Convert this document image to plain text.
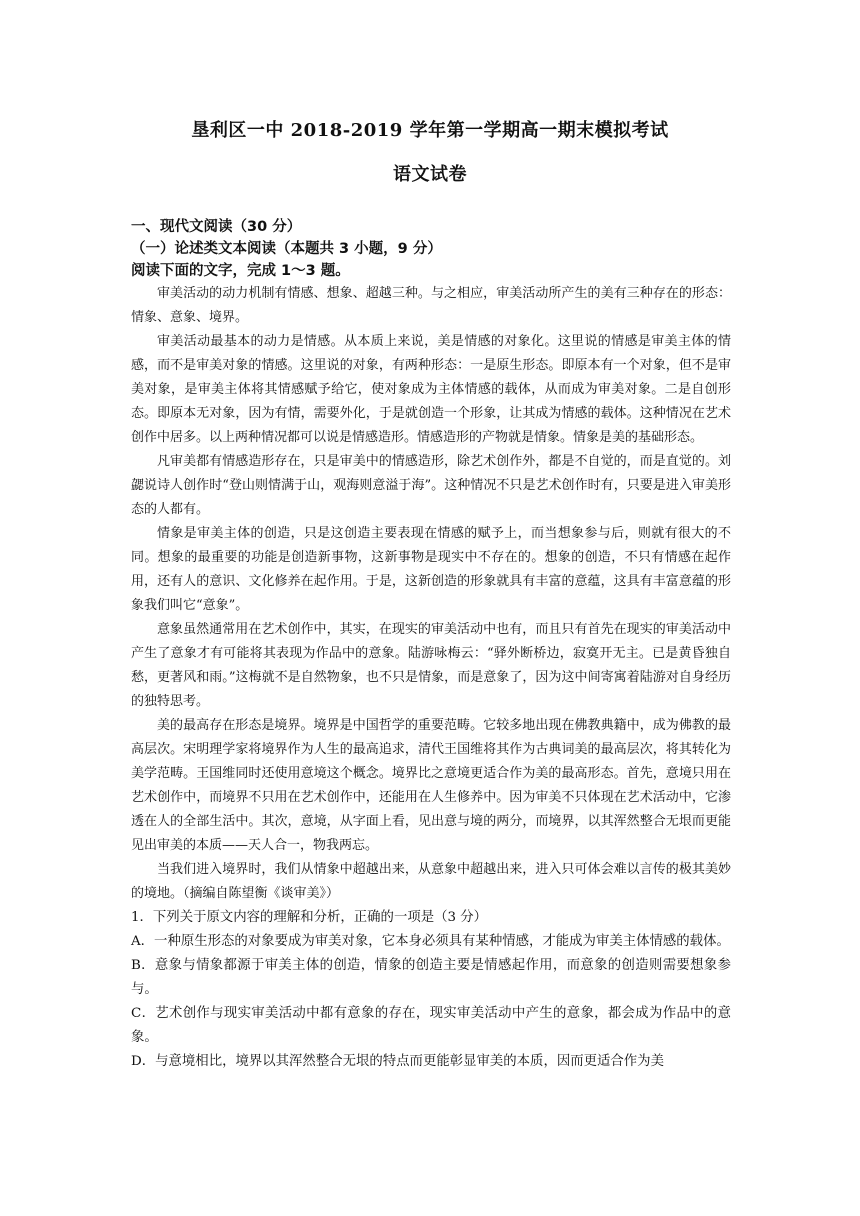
垦利区一中 2018-2019 学年第一学期高一期末模拟考试
语文试卷

一、现代文阅读（30 分）

（一）论述类文本阅读（本题共 3 小题，9 分）

阅读下面的文字，完成 1～3 题。

审美活动的动力机制有情感、想象、超越三种。与之相应，审美活动所产生的美有三种存在的形态：情象、意象、境界。

审美活动最基本的动力是情感。从本质上来说，美是情感的对象化。这里说的情感是审美主体的情感，而不是审美对象的情感。这里说的对象，有两种形态：一是原生形态。即原本有一个对象，但不是审美对象，是审美主体将其情感赋予给它，使对象成为主体情感的载体，从而成为审美对象。二是自创形态。即原本无对象，因为有情，需要外化，于是就创造一个形象，让其成为情感的载体。这种情况在艺术创作中居多。以上两种情况都可以说是情感造形。情感造形的产物就是情象。情象是美的基础形态。

凡审美都有情感造形存在，只是审美中的情感造形，除艺术创作外，都是不自觉的，而是直觉的。刘勰说诗人创作时“登山则情满于山，观海则意溢于海”。这种情况不只是艺术创作时有，只要是进入审美形态的人都有。

情象是审美主体的创造，只是这创造主要表现在情感的赋予上，而当想象参与后，则就有很大的不同。想象的最重要的功能是创造新事物，这新事物是现实中不存在的。想象的创造，不只有情感在起作用，还有人的意识、文化修养在起作用。于是，这新创造的形象就具有丰富的意蕴，这具有丰富意蕴的形象我们叫它“意象”。

意象虽然通常用在艺术创作中，其实，在现实的审美活动中也有，而且只有首先在现实的审美活动中产生了意象才有可能将其表现为作品中的意象。陆游咏梅云：“驿外断桥边，寂寞开无主。已是黄昏独自愁，更著风和雨。”这梅就不是自然物象，也不只是情象，而是意象了，因为这中间寄寓着陆游对自身经历的独特思考。

美的最高存在形态是境界。境界是中国哲学的重要范畴。它较多地出现在佛教典籍中，成为佛教的最高层次。宋明理学家将境界作为人生的最高追求，清代王国维将其作为古典词美的最高层次，将其转化为美学范畴。王国维同时还使用意境这个概念。境界比之意境更适合作为美的最高形态。首先，意境只用在艺术创作中，而境界不只用在艺术创作中，还能用在人生修养中。因为审美不只体现在艺术活动中，它渗透在人的全部生活中。其次，意境，从字面上看，见出意与境的两分，而境界，以其浑然整合无垠而更能见出审美的本质——天人合一，物我两忘。

当我们进入境界时，我们从情象中超越出来，从意象中超越出来，进入只可体会难以言传的极其美妙的境地。（摘编自陈望衡《谈审美》）

1．下列关于原文内容的理解和分析，正确的一项是（3 分）

A．一种原生形态的对象要成为审美对象，它本身必须具有某种情感，才能成为审美主体情感的载体。

B．意象与情象都源于审美主体的创造，情象的创造主要是情感起作用，而意象的创造则需要想象参与。

C．艺术创作与现实审美活动中都有意象的存在，现实审美活动中产生的意象，都会成为作品中的意象。

D．与意境相比，境界以其浑然整合无垠的特点而更能彰显审美的本质，因而更适合作为美
